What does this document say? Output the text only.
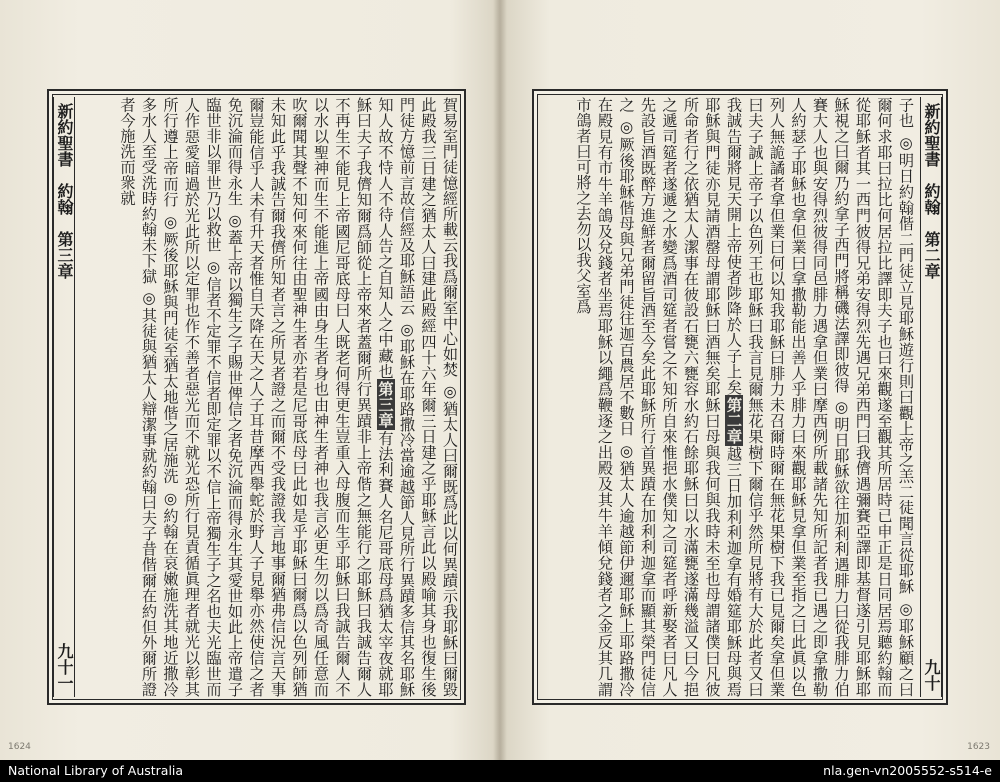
賀易室門徒憶經所載云我爲爾室中心如焚 ◎猶太人曰爾既爲此以何異蹟示我耶穌曰爾毀此殿我三日建之猶太人曰建此殿經四十六年爾三日建之乎耶穌言此以殿喻其身也復生後門徒方憶前言故信經及耶穌語云 ◎耶穌在耶路撒冷當逾越節人見所行異蹟多信其名耶穌知人故不恃人不待人告之自知人之中藏也第三章有法利賽人名尼哥底母爲猶太宰夜就耶穌曰夫子我儕知爾爲師從上帝來者蓋爾所行異蹟非上帝偕之無能行之耶穌曰我誠告爾人不再生不能見上帝國尼哥底母曰人既老何得更生豈重入母腹而生乎耶穌曰我誠告爾人不以水以聖神而生不能進上帝國由身生者身也由神生者神也我言必更生勿以爲奇風任意而吹爾聞其聲不知何來何往由聖神生者亦若是尼哥底母曰此如是乎耶穌曰爾爲以色列師猶未知此乎我誠告爾我儕所知者言之所見者證之而爾不受我證我言地事爾猶弗信況言天事爾豈能信乎人未有升天者惟自天降在天之人子耳昔摩西舉蛇於野人子見舉亦然使信之者免沉淪而得永生 ◎蓋上帝以獨生之子賜世俾信之者免沉淪而得永生其愛世如此上帝遣子臨世非以罪世乃以救世 ◎信者不定罪不信者即定罪以不信上帝獨生子之名也夫光臨世而人作惡愛暗過於光此所以定罪也作不善者惡光而不就光恐所行見責循眞理者就光以彰其所行遵上帝而行 ◎厥後耶穌與門徒至猶太地偕之居施洗 ◎約翰在哀嫩施洗其地近撒冷多水人至受洗時約翰未下獄 ◎其徒與猶太人辯潔事就約翰曰夫子昔偕爾在約但外爾所證者今施洗而衆就

新約聖書　約翰　第三章
九十一
1624

子也 ◎明日約翰偕二門徒立見耶穌遊行則曰觀上帝之羔二徒聞言從耶穌 ◎耶穌顧之曰爾何求耶曰拉比何居拉比譯即夫子也曰來觀遂至觀其所居時已申正是日同居焉聽約翰而從耶穌者其一西門彼得兄弟安得烈先遇兄弟西門曰我儕遇彌賽亞譯即基督遂引見耶穌耶穌視之曰爾乃約拿子西門將稱磯法譯即彼得 ◎明日耶穌欲往加利利遇腓力曰從我腓力伯賽大人也與安得烈彼得同邑腓力遇拿但業曰摩西例所載諸先知所記者我已遇之即拿撒勒人約瑟子耶穌也拿但業曰拿撒勒能出善人乎腓力曰來觀耶穌見拿但業至指之曰此眞以色列人無詭譎者拿但業曰何以知我耶穌曰腓力未召爾時爾在無花果樹下我已見爾矣拿但業曰夫子誠上帝子以色列王也耶穌曰我言見爾無花果樹下爾信乎然所見將有大於此者又曰我誠告爾將見天開上帝使者陟降於人子上矣第二章越三日加利利迦拿有婚筵耶穌母與焉耶穌與門徒亦見請酒罄母謂耶穌曰酒無矣耶穌曰母與我何與我時未至也母謂諸僕曰凡彼所命者行之依猶太人潔事在彼設石甕六甕容水約石餘耶穌曰以水滿甕遂滿幾溢又曰今挹之遞司筵者遂遞之水變爲酒司筵者嘗之不知所自來惟挹水僕知之司筵者呼新娶者曰凡人先設旨酒既醉方進鮮者爾留旨酒至今矣此耶穌所行首異蹟在加利利迦拿而顯其榮門徒信之 ◎厥後耶穌偕母與兄弟門徒往迦百農居不數日 ◎猶太人逾越節伊邇耶穌上耶路撒冷在殿見有市牛羊鴿及兌錢者坐焉耶穌以繩爲鞭逐之出殿及其牛羊傾兌錢者之金反其几謂市鴿者曰可將之去勿以我父室爲	新約聖書　約翰　第二章
九十
1623
National Library of Australia	nla.gen-vn2005552-s514-e
